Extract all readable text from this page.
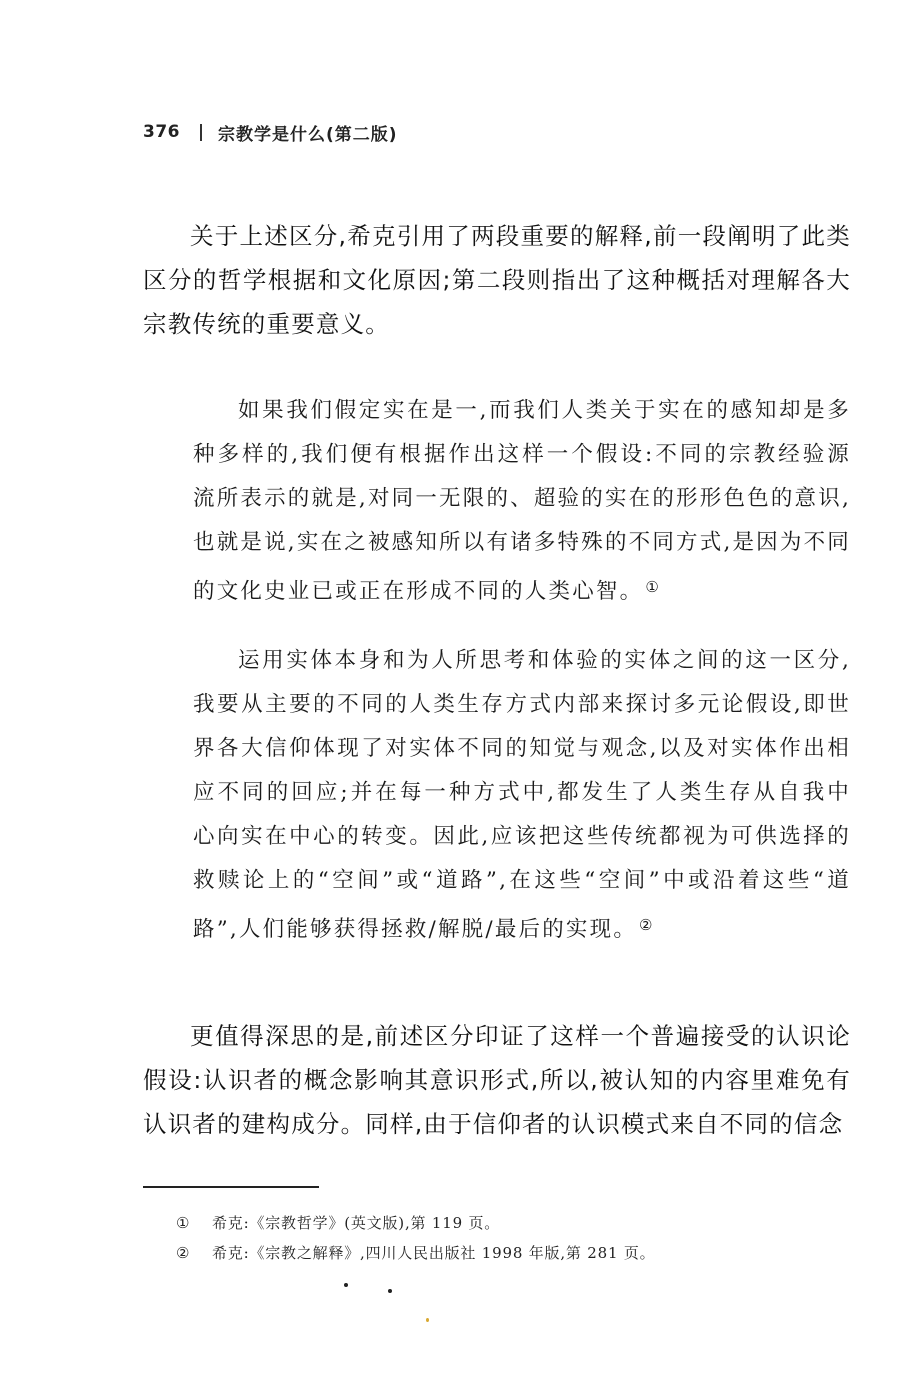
376 宗教学是什么(第二版)

关于上述区分,希克引用了两段重要的解释,前一段阐明了此类区分的哲学根据和文化原因;第二段则指出了这种概括对理解各大宗教传统的重要意义。

如果我们假定实在是一,而我们人类关于实在的感知却是多种多样的,我们便有根据作出这样一个假设:不同的宗教经验源流所表示的就是,对同一无限的、超验的实在的形形色色的意识,也就是说,实在之被感知所以有诸多特殊的不同方式,是因为不同的文化史业已或正在形成不同的人类心智。 ①

运用实体本身和为人所思考和体验的实体之间的这一区分,我要从主要的不同的人类生存方式内部来探讨多元论假设,即世界各大信仰体现了对实体不同的知觉与观念,以及对实体作出相应不同的回应;并在每一种方式中,都发生了人类生存从自我中心向实在中心的转变。因此,应该把这些传统都视为可供选择的救赎论上的“空间”或“道路”,在这些“空间”中或沿着这些“道路”,人们能够获得拯救/解脱/最后的实现。 ②

更值得深思的是,前述区分印证了这样一个普遍接受的认识论假设:认识者的概念影响其意识形式,所以,被认知的内容里难免有认识者的建构成分。同样,由于信仰者的认识模式来自不同的信念

①	希克:《宗教哲学》(英文版),第 119 页。
②	希克:《宗教之解释》,四川人民出版社 1998 年版,第 281 页。
